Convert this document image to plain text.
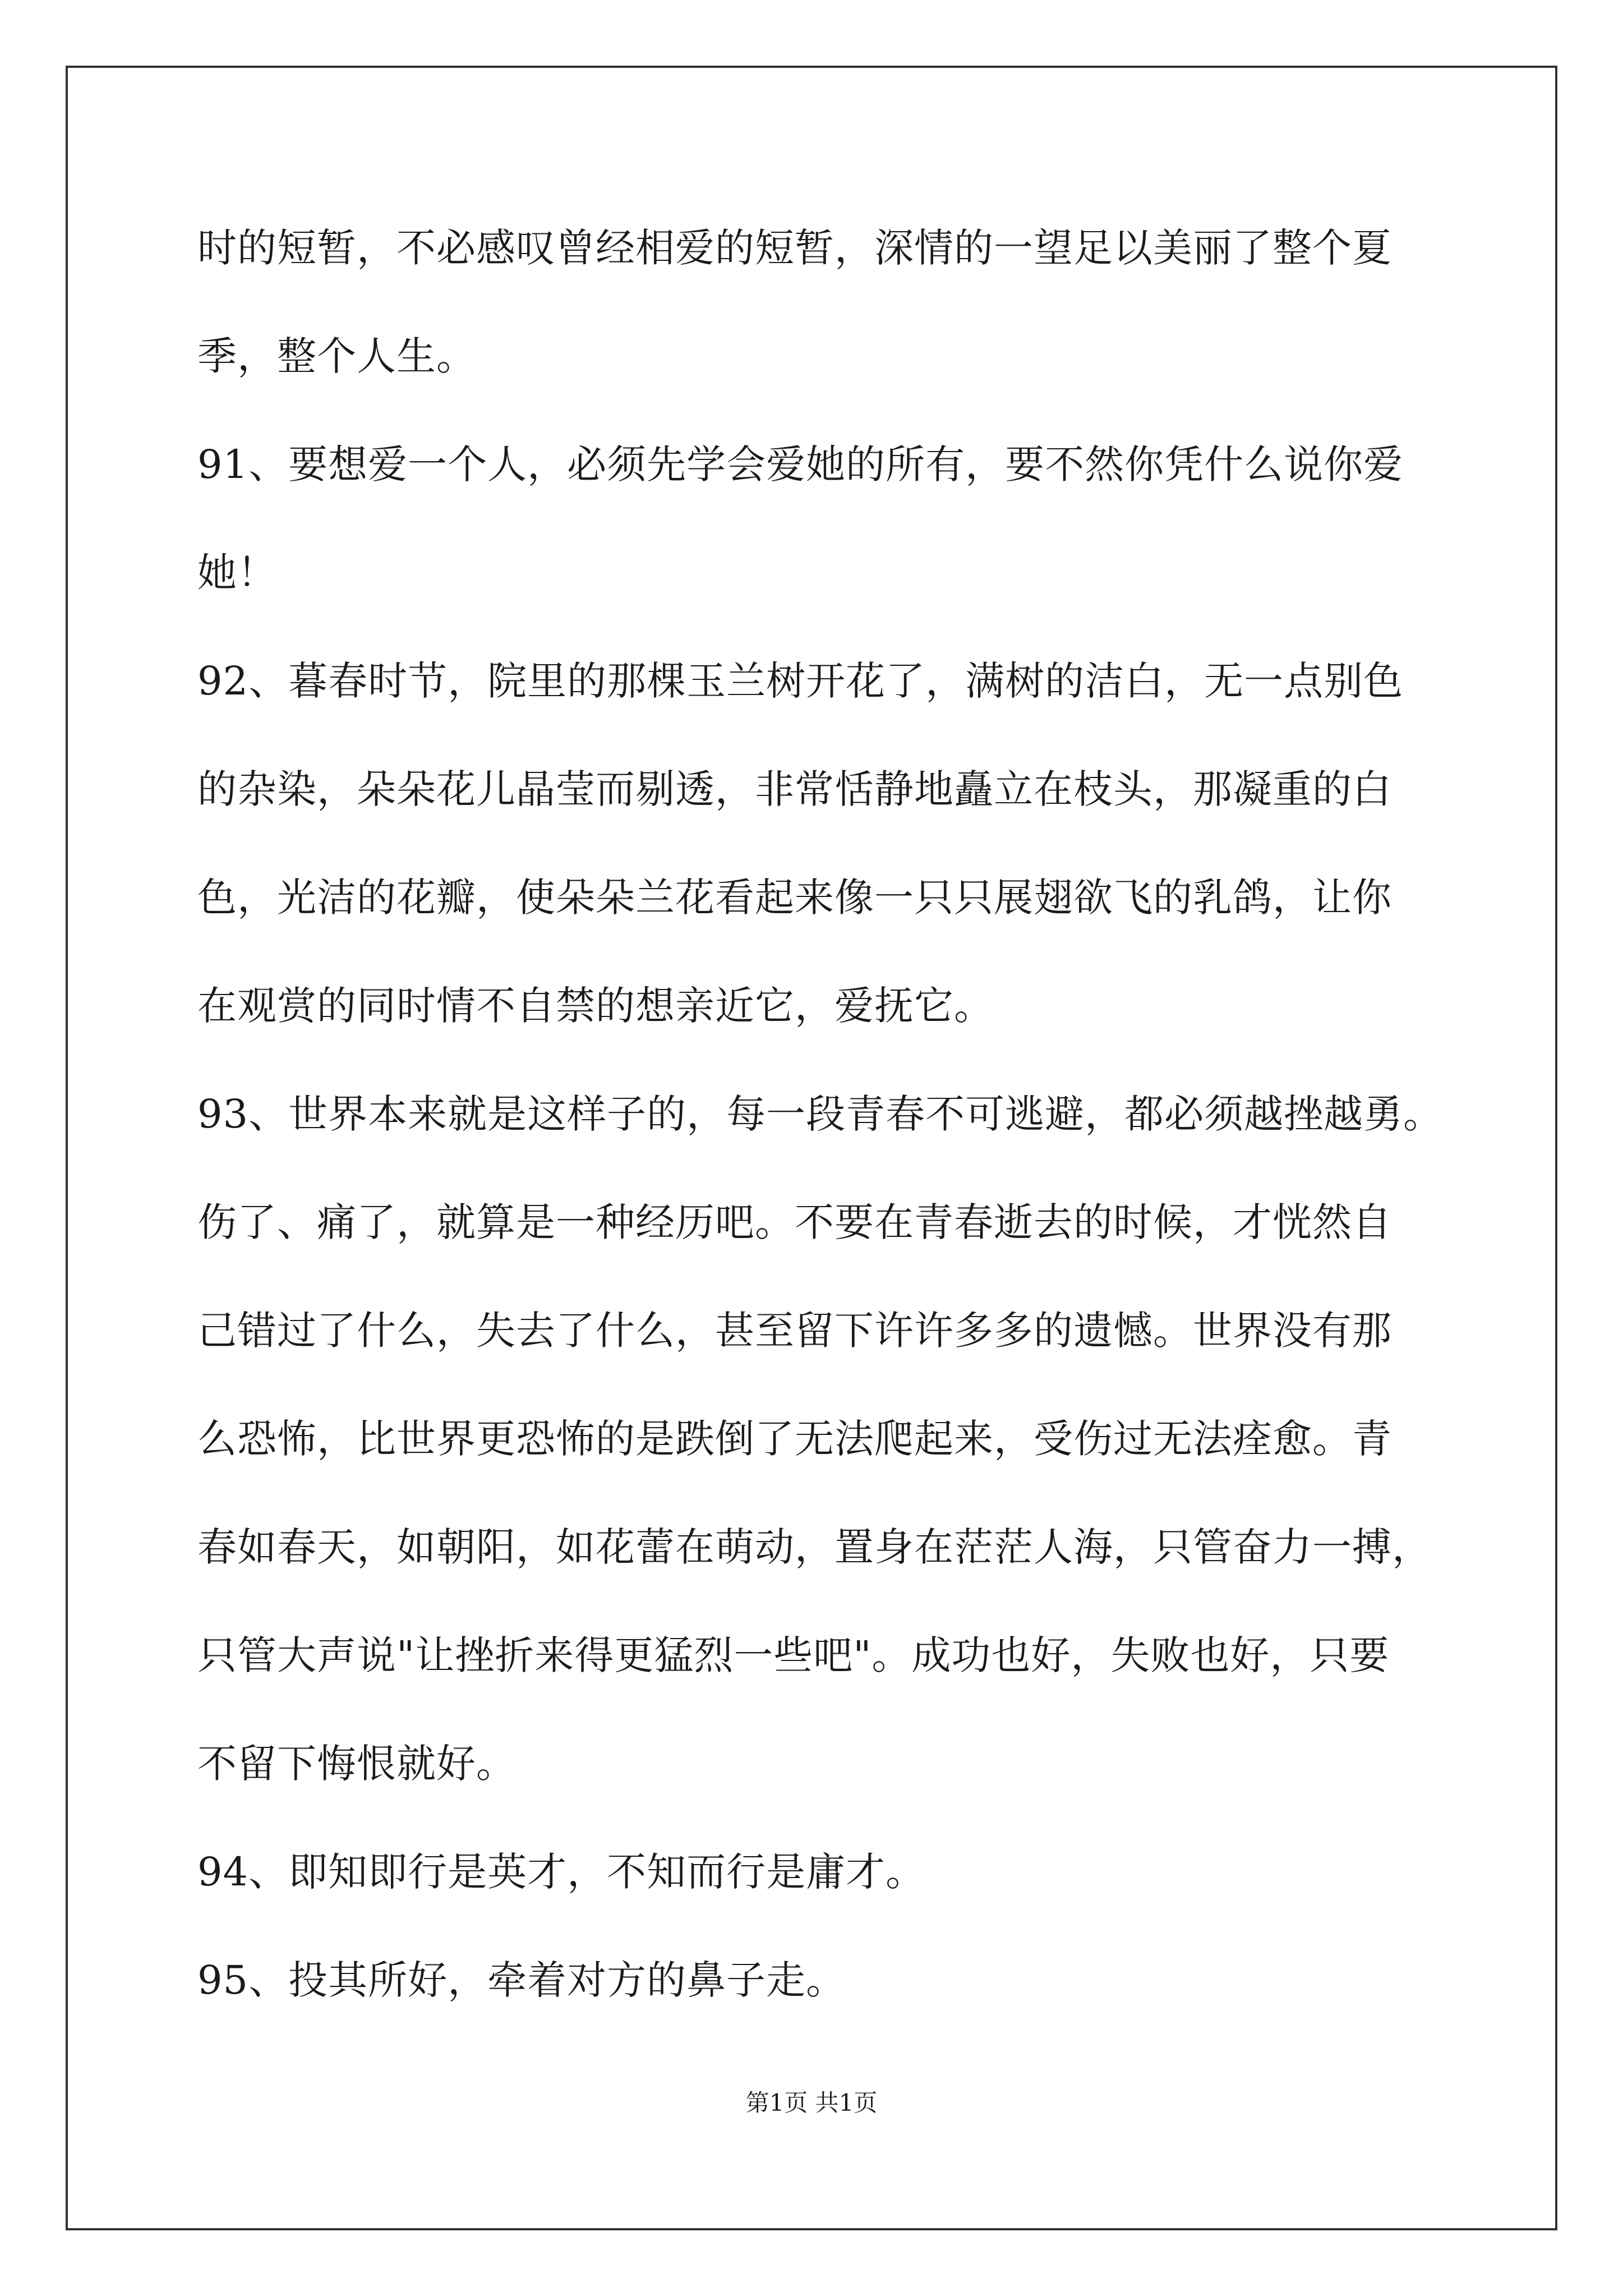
时的短暂，不必感叹曾经相爱的短暂，深情的一望足以美丽了整个夏
季，整个人生。
91、要想爱一个人，必须先学会爱她的所有，要不然你凭什么说你爱
她！
92、暮春时节，院里的那棵玉兰树开花了，满树的洁白，无一点别色
的杂染，朵朵花儿晶莹而剔透，非常恬静地矗立在枝头，那凝重的白
色，光洁的花瓣，使朵朵兰花看起来像一只只展翅欲飞的乳鸽，让你
在观赏的同时情不自禁的想亲近它，爱抚它。
93、世界本来就是这样子的，每一段青春不可逃避，都必须越挫越勇。
伤了、痛了，就算是一种经历吧。不要在青春逝去的时候，才恍然自
己错过了什么，失去了什么，甚至留下许许多多的遗憾。世界没有那
么恐怖，比世界更恐怖的是跌倒了无法爬起来，受伤过无法痊愈。青
春如春天，如朝阳，如花蕾在萌动，置身在茫茫人海，只管奋力一搏，
只管大声说"让挫折来得更猛烈一些吧"。成功也好，失败也好，只要
不留下悔恨就好。
94、即知即行是英才，不知而行是庸才。
95、投其所好，牵着对方的鼻子走。
第1页 共1页
